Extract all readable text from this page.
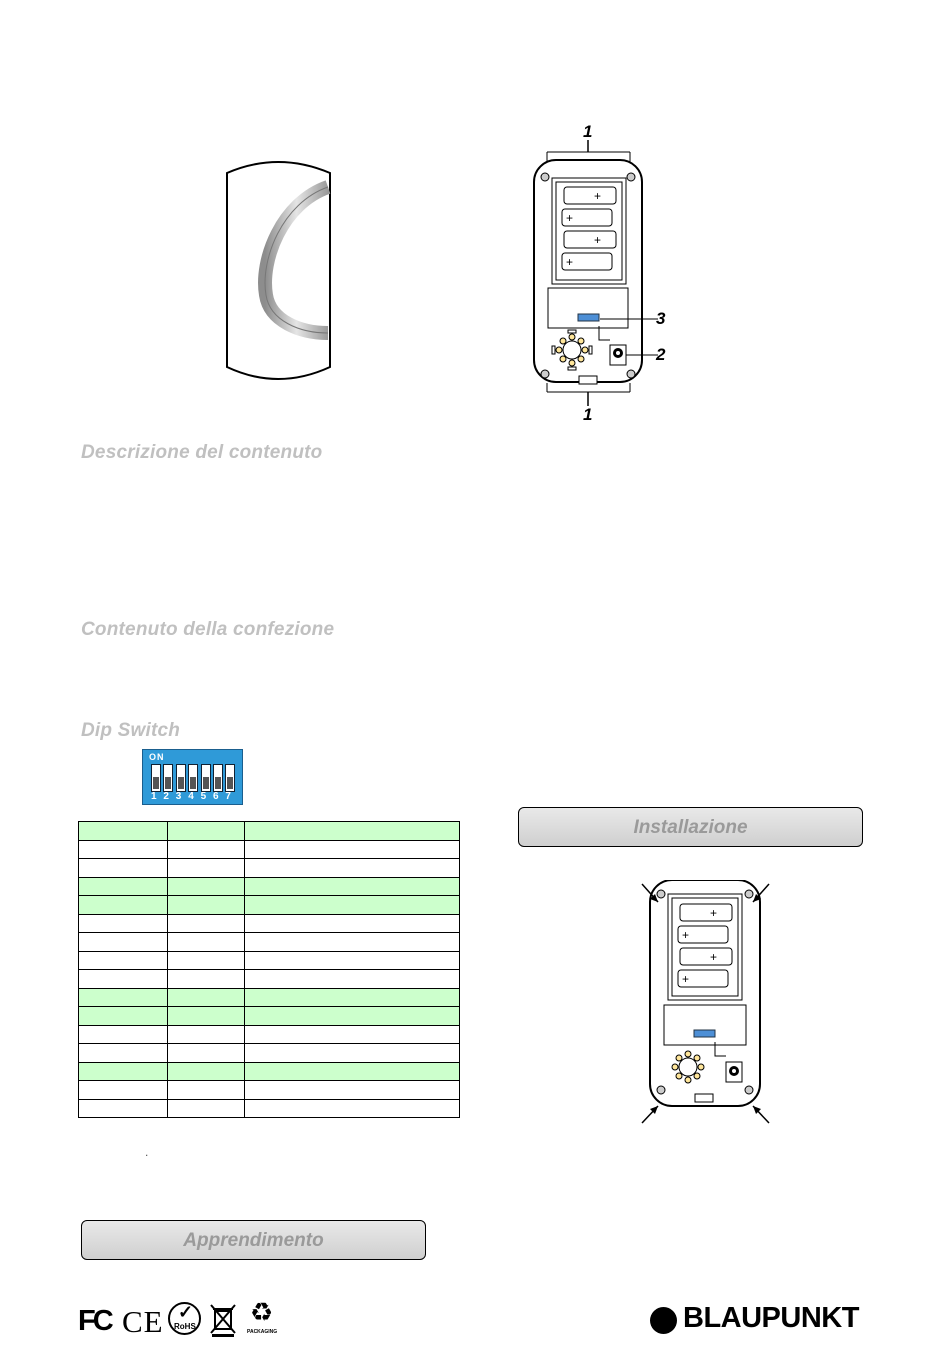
+
+
+
+
1
3
2
1
Descrizione del contenuto
Contenuto della confezione
Dip Switch
ON
1 2 3 4 5 6 7

.
Installazione
Apprendimento
+
+
+
+
FC CE ✓
RoHS ♻
PACKAGING	BLAUPUNKT
